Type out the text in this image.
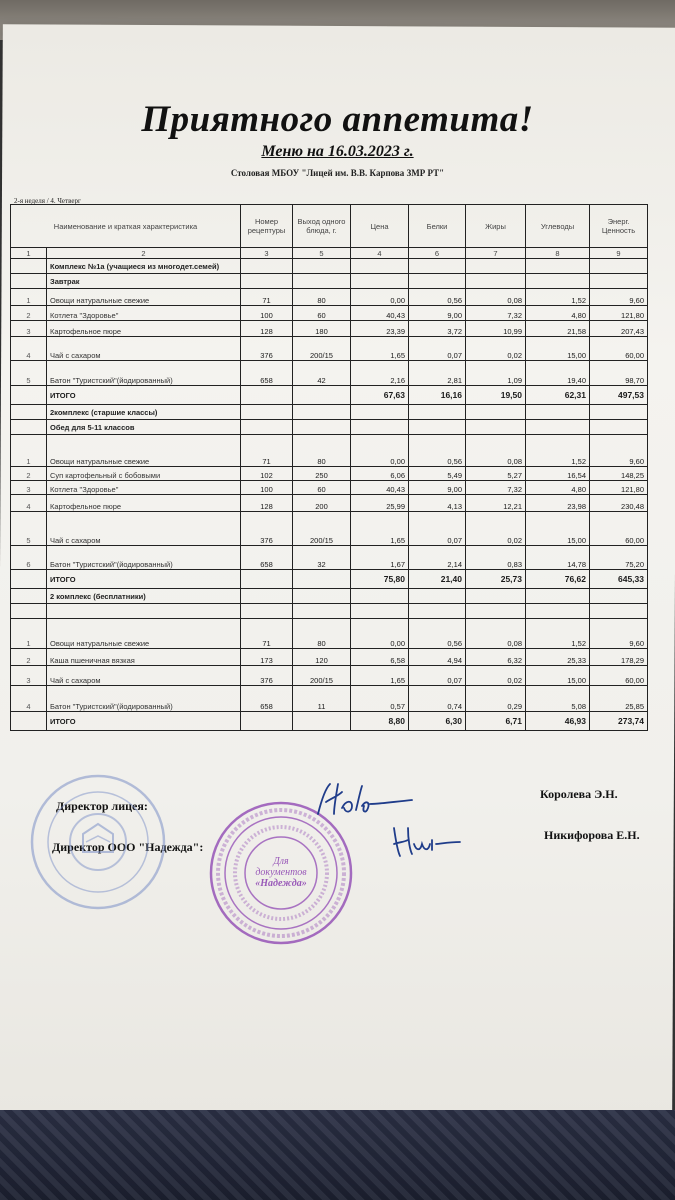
Приятного аппетита!
Меню на 16.03.2023 г.
Столовая МБОУ "Лицей им. В.В. Карпова ЗМР РТ"
2-я неделя / 4. Четверг
Наименование и краткая характеристика		Номер рецептуры	Выход одного блюда, г.	Цена	Белки	Жиры	Углеводы	Энерг. Ценность
1	2	3	5	4	6	7	8	9
	Комплекс №1а (учащиеся из многодет.семей)							
	Завтрак							
1	Овощи натуральные свежие	71	80	0,00	0,56	0,08	1,52	9,60
2	Котлета "Здоровье"	100	60	40,43	9,00	7,32	4,80	121,80
3	Картофельное пюре	128	180	23,39	3,72	10,99	21,58	207,43
4	Чай с сахаром	376	200/15	1,65	0,07	0,02	15,00	60,00
5	Батон "Туристский"(йодированный)	658	42	2,16	2,81	1,09	19,40	98,70
	ИТОГО			67,63	16,16	19,50	62,31	497,53
	2комплекс (старшие классы)							
	Обед для 5-11 классов							
1	Овощи натуральные свежие	71	80	0,00	0,56	0,08	1,52	9,60
2	Суп картофельный с бобовыми	102	250	6,06	5,49	5,27	16,54	148,25
3	Котлета "Здоровье"	100	60	40,43	9,00	7,32	4,80	121,80
4	Картофельное пюре	128	200	25,99	4,13	12,21	23,98	230,48
5	Чай с сахаром	376	200/15	1,65	0,07	0,02	15,00	60,00
6	Батон "Туристский"(йодированный)	658	32	1,67	2,14	0,83	14,78	75,20
	ИТОГО			75,80	21,40	25,73	76,62	645,33
	2 комплекс (бесплатники)							

1	Овощи натуральные свежие	71	80	0,00	0,56	0,08	1,52	9,60
2	Каша пшеничная вязкая	173	120	6,58	4,94	6,32	25,33	178,29
3	Чай с сахаром	376	200/15	1,65	0,07	0,02	15,00	60,00
4	Батон "Туристский"(йодированный)	658	11	0,57	0,74	0,29	5,08	25,85
	ИТОГО			8,80	6,30	6,71	46,93	273,74
Директор лицея:
Королева Э.Н.
Директор ООО "Надежда":
Никифорова Е.Н.
Для
документов
«Надежда»
